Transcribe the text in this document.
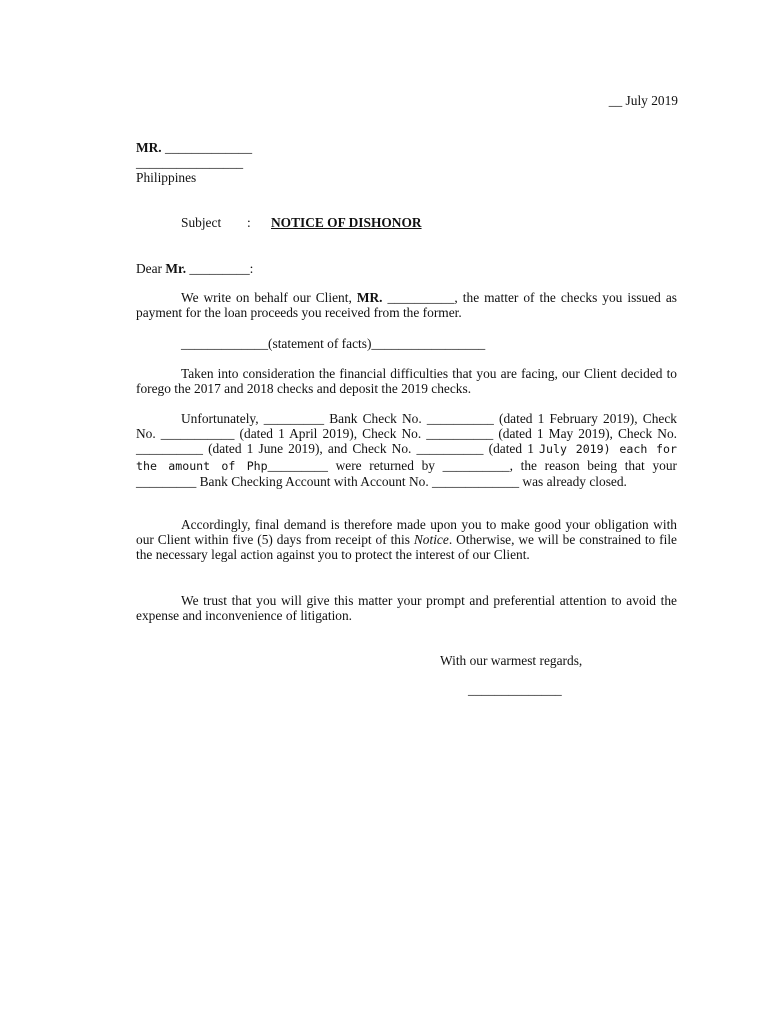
__ July 2019
MR. _____________
________________
Philippines
Subject : NOTICE OF DISHONOR
Dear Mr. _________:
We write on behalf our Client, MR. __________, the matter of the checks you issued as payment for the loan proceeds you received from the former.
_____________(statement of facts)_________________
Taken into consideration the financial difficulties that you are facing, our Client decided to forego the 2017 and 2018 checks and deposit the 2019 checks.
Unfortunately, _________ Bank Check No. __________ (dated 1 February 2019), Check No. ___________ (dated 1 April 2019), Check No. __________ (dated 1 May 2019), Check No. __________ (dated 1 June 2019), and Check No. __________ (dated 1 July 2019) each for the amount of Php_________ were returned by __________, the reason being that your _________ Bank Checking Account with Account No. _____________ was already closed.
Accordingly, final demand is therefore made upon you to make good your obligation with our Client within five (5) days from receipt of this Notice. Otherwise, we will be constrained to file the necessary legal action against you to protect the interest of our Client.
We trust that you will give this matter your prompt and preferential attention to avoid the expense and inconvenience of litigation.
With our warmest regards,
______________
